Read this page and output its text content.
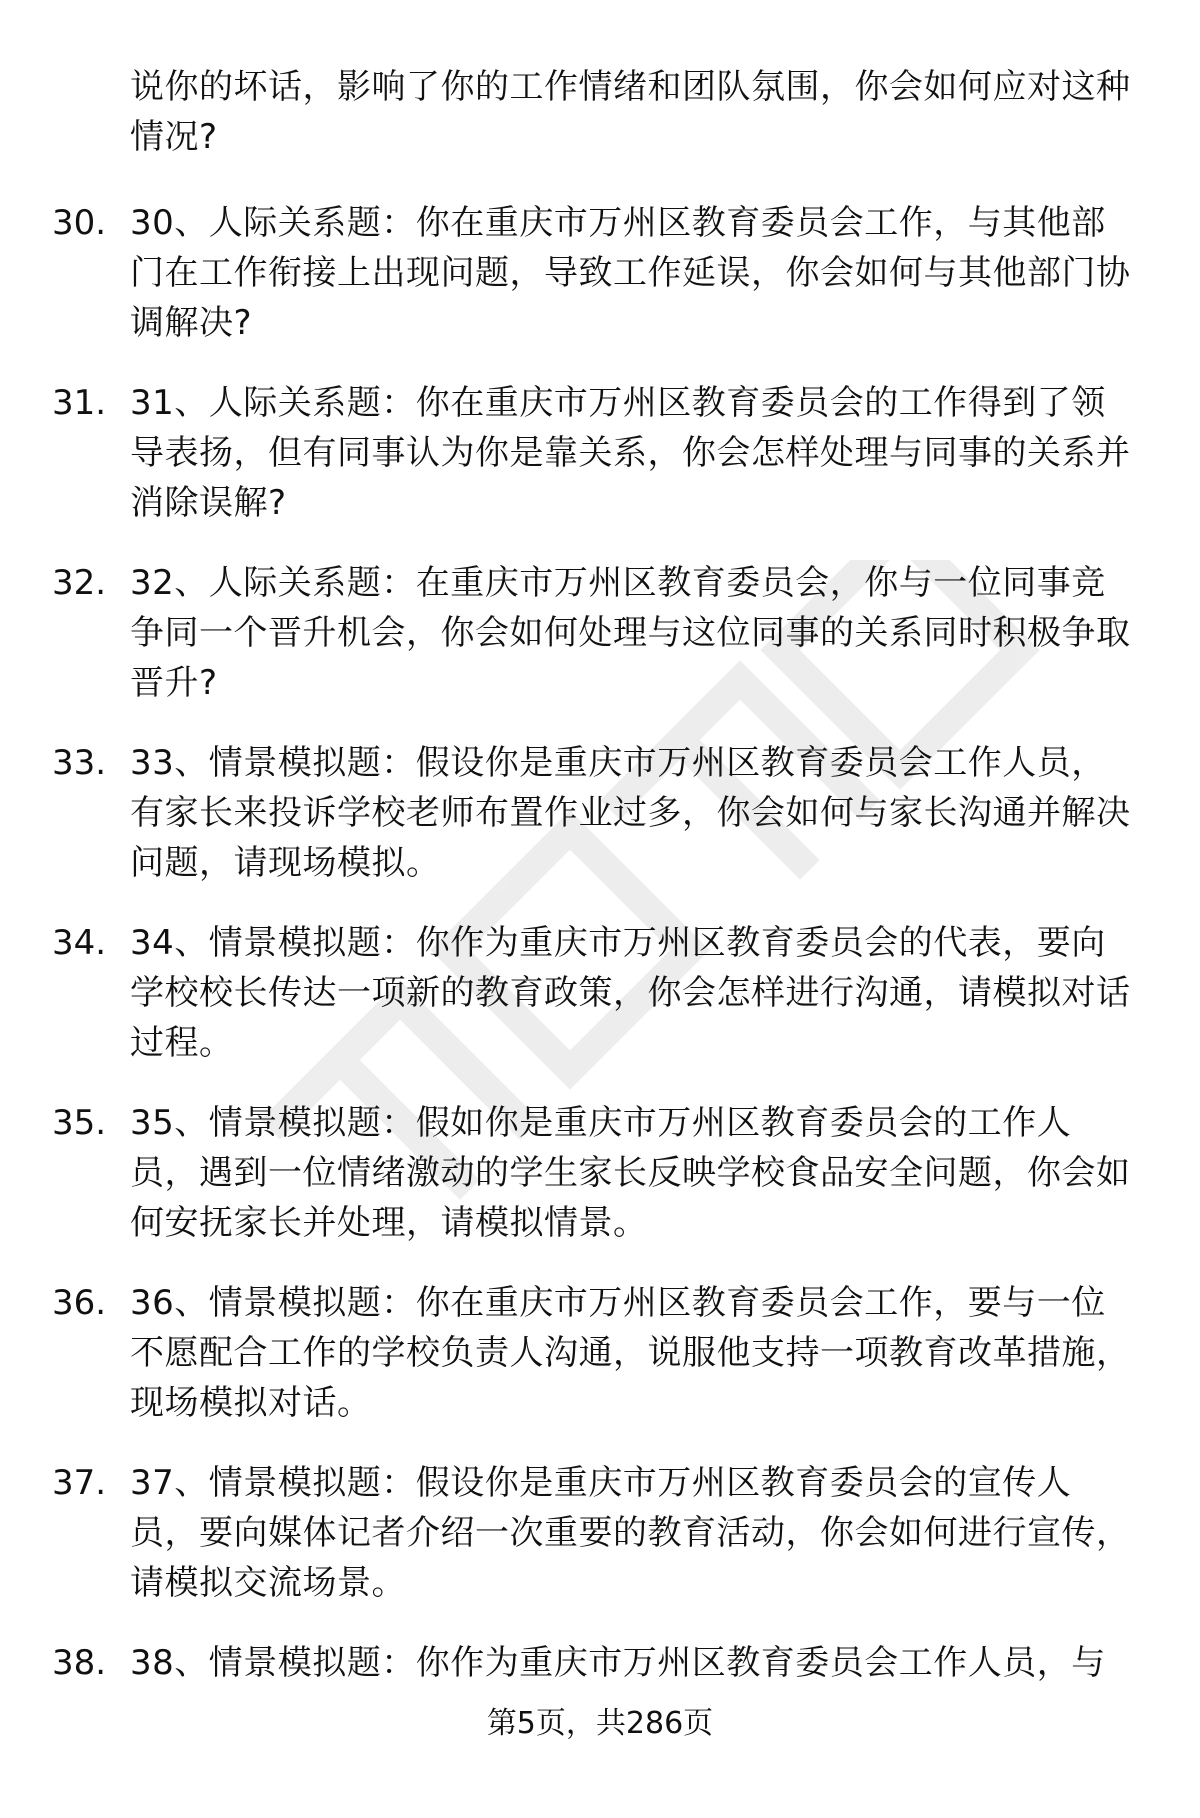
说你的坏话，影响了你的工作情绪和团队氛围，你会如何应对这种情况?
30. 30、人际关系题：你在重庆市万州区教育委员会工作，与其他部门在工作衔接上出现问题，导致工作延误，你会如何与其他部门协调解决?
31. 31、人际关系题：你在重庆市万州区教育委员会的工作得到了领导表扬，但有同事认为你是靠关系，你会怎样处理与同事的关系并消除误解?
32. 32、人际关系题：在重庆市万州区教育委员会，你与一位同事竞争同一个晋升机会，你会如何处理与这位同事的关系同时积极争取晋升?
33. 33、情景模拟题：假设你是重庆市万州区教育委员会工作人员，有家长来投诉学校老师布置作业过多，你会如何与家长沟通并解决问题，请现场模拟。
34. 34、情景模拟题：你作为重庆市万州区教育委员会的代表，要向学校校长传达一项新的教育政策，你会怎样进行沟通，请模拟对话过程。
35. 35、情景模拟题：假如你是重庆市万州区教育委员会的工作人员，遇到一位情绪激动的学生家长反映学校食品安全问题，你会如何安抚家长并处理，请模拟情景。
36. 36、情景模拟题：你在重庆市万州区教育委员会工作，要与一位不愿配合工作的学校负责人沟通，说服他支持一项教育改革措施，现场模拟对话。
37. 37、情景模拟题：假设你是重庆市万州区教育委员会的宣传人员，要向媒体记者介绍一次重要的教育活动，你会如何进行宣传，请模拟交流场景。
38. 38、情景模拟题：你作为重庆市万州区教育委员会工作人员，与
第5页，共286页
